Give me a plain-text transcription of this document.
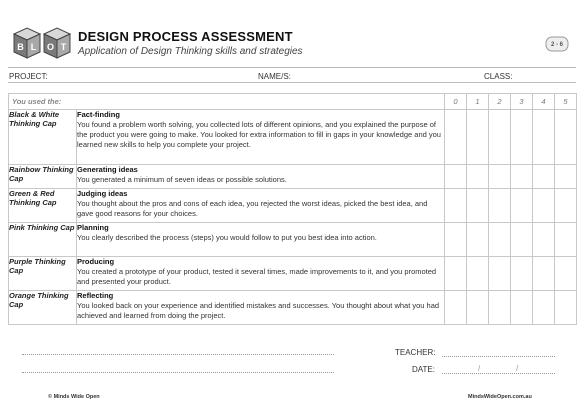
B L O T
DESIGN PROCESS ASSESSMENT
Application of Design Thinking skills and strategies
2 - 6
PROJECT:	NAME/S:	CLASS:
You used the:		0	1	2	3	4	5
Black & White Thinking Cap	Fact-finding
You found a problem worth solving, you collected lots of different opinions, and you explained the purpose of the product you were going to make. You looked for extra information to fill in gaps in your knowledge and you learned new skills to help you complete your project.						
Rainbow Thinking Cap	Generating ideas
You generated a minimum of seven ideas or possible solutions.						
Green & Red Thinking Cap	Judging ideas
You thought about the pros and cons of each idea, you rejected the worst ideas, picked the best idea, and gave good reasons for your choices.						
Pink Thinking Cap	Planning
You clearly described the process (steps) you would follow to put you best idea into action.						
Purple Thinking Cap	Producing
You created a prototype of your product, tested it several times, made improvements to it, and you promoted and presented your product.						
Orange Thinking Cap	Reflecting
You looked back on your experience and identified mistakes and successes. You thought about what you had achieved and learned from doing the project.						
TEACHER:
DATE:	/	/
© Minds Wide Open	MindsWideOpen.com.au
